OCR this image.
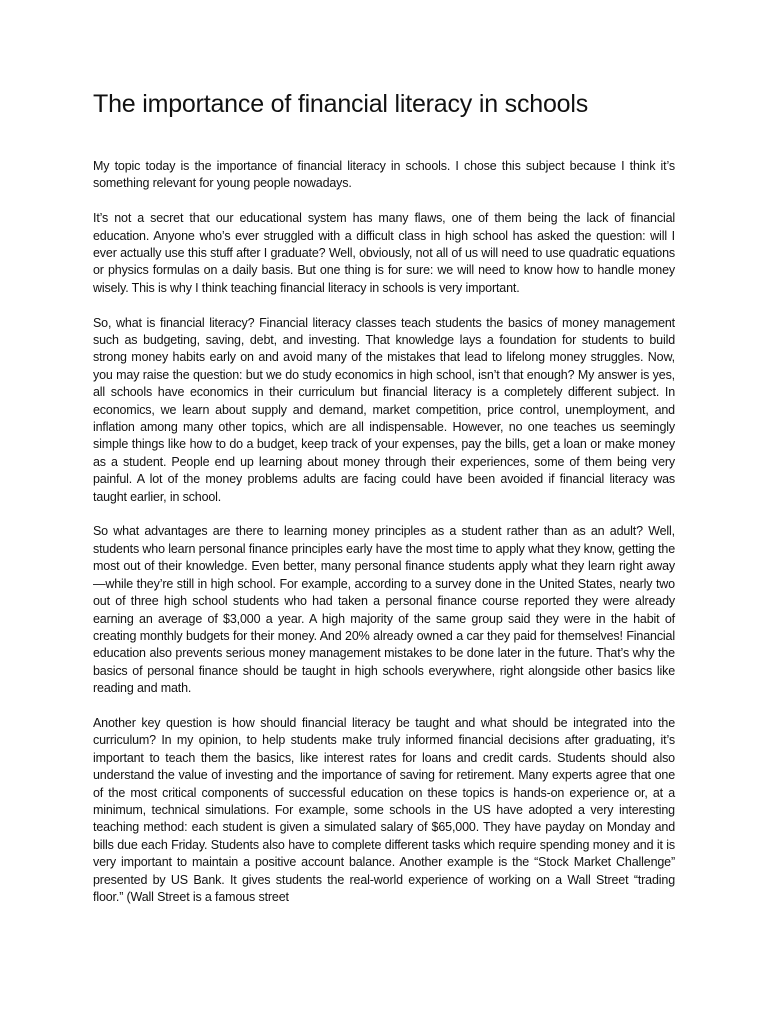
The importance of financial literacy in schools

My topic today is the importance of financial literacy in schools. I chose this subject because I think it’s something relevant for young people nowadays.

It’s not a secret that our educational system has many flaws, one of them being the lack of financial education. Anyone who’s ever struggled with a difficult class in high school has asked the question: will I ever actually use this stuff after I graduate? Well, obviously, not all of us will need to use quadratic equations or physics formulas on a daily basis. But one thing is for sure: we will need to know how to handle money wisely. This is why I think teaching financial literacy in schools is very important.

So, what is financial literacy? Financial literacy classes teach students the basics of money management such as budgeting, saving, debt, and investing. That knowledge lays a foundation for students to build strong money habits early on and avoid many of the mistakes that lead to lifelong money struggles. Now, you may raise the question: but we do study economics in high school, isn’t that enough? My answer is yes, all schools have economics in their curriculum but financial literacy is a completely different subject. In economics, we learn about supply and demand, market competition, price control, unemployment, and inflation among many other topics, which are all indispensable. However, no one teaches us seemingly simple things like how to do a budget, keep track of your expenses, pay the bills, get a loan or make money as a student. People end up learning about money through their experiences, some of them being very painful. A lot of the money problems adults are facing could have been avoided if financial literacy was taught earlier, in school.

So what advantages are there to learning money principles as a student rather than as an adult? Well, students who learn personal finance principles early have the most time to apply what they know, getting the most out of their knowledge. Even better, many personal finance students apply what they learn right away—while they’re still in high school. For example, according to a survey done in the United States, nearly two out of three high school students who had taken a personal finance course reported they were already earning an average of $3,000 a year. A high majority of the same group said they were in the habit of creating monthly budgets for their money. And 20% already owned a car they paid for themselves! Financial education also prevents serious money management mistakes to be done later in the future. That’s why the basics of personal finance should be taught in high schools everywhere, right alongside other basics like reading and math.

Another key question is how should financial literacy be taught and what should be integrated into the curriculum? In my opinion, to help students make truly informed financial decisions after graduating, it’s important to teach them the basics, like interest rates for loans and credit cards. Students should also understand the value of investing and the importance of saving for retirement. Many experts agree that one of the most critical components of successful education on these topics is hands-on experience or, at a minimum, technical simulations. For example, some schools in the US have adopted a very interesting teaching method: each student is given a simulated salary of $65,000. They have payday on Monday and bills due each Friday. Students also have to complete different tasks which require spending money and it is very important to maintain a positive account balance. Another example is the “Stock Market Challenge” presented by US Bank. It gives students the real-world experience of working on a Wall Street “trading floor.” (Wall Street is a famous street
